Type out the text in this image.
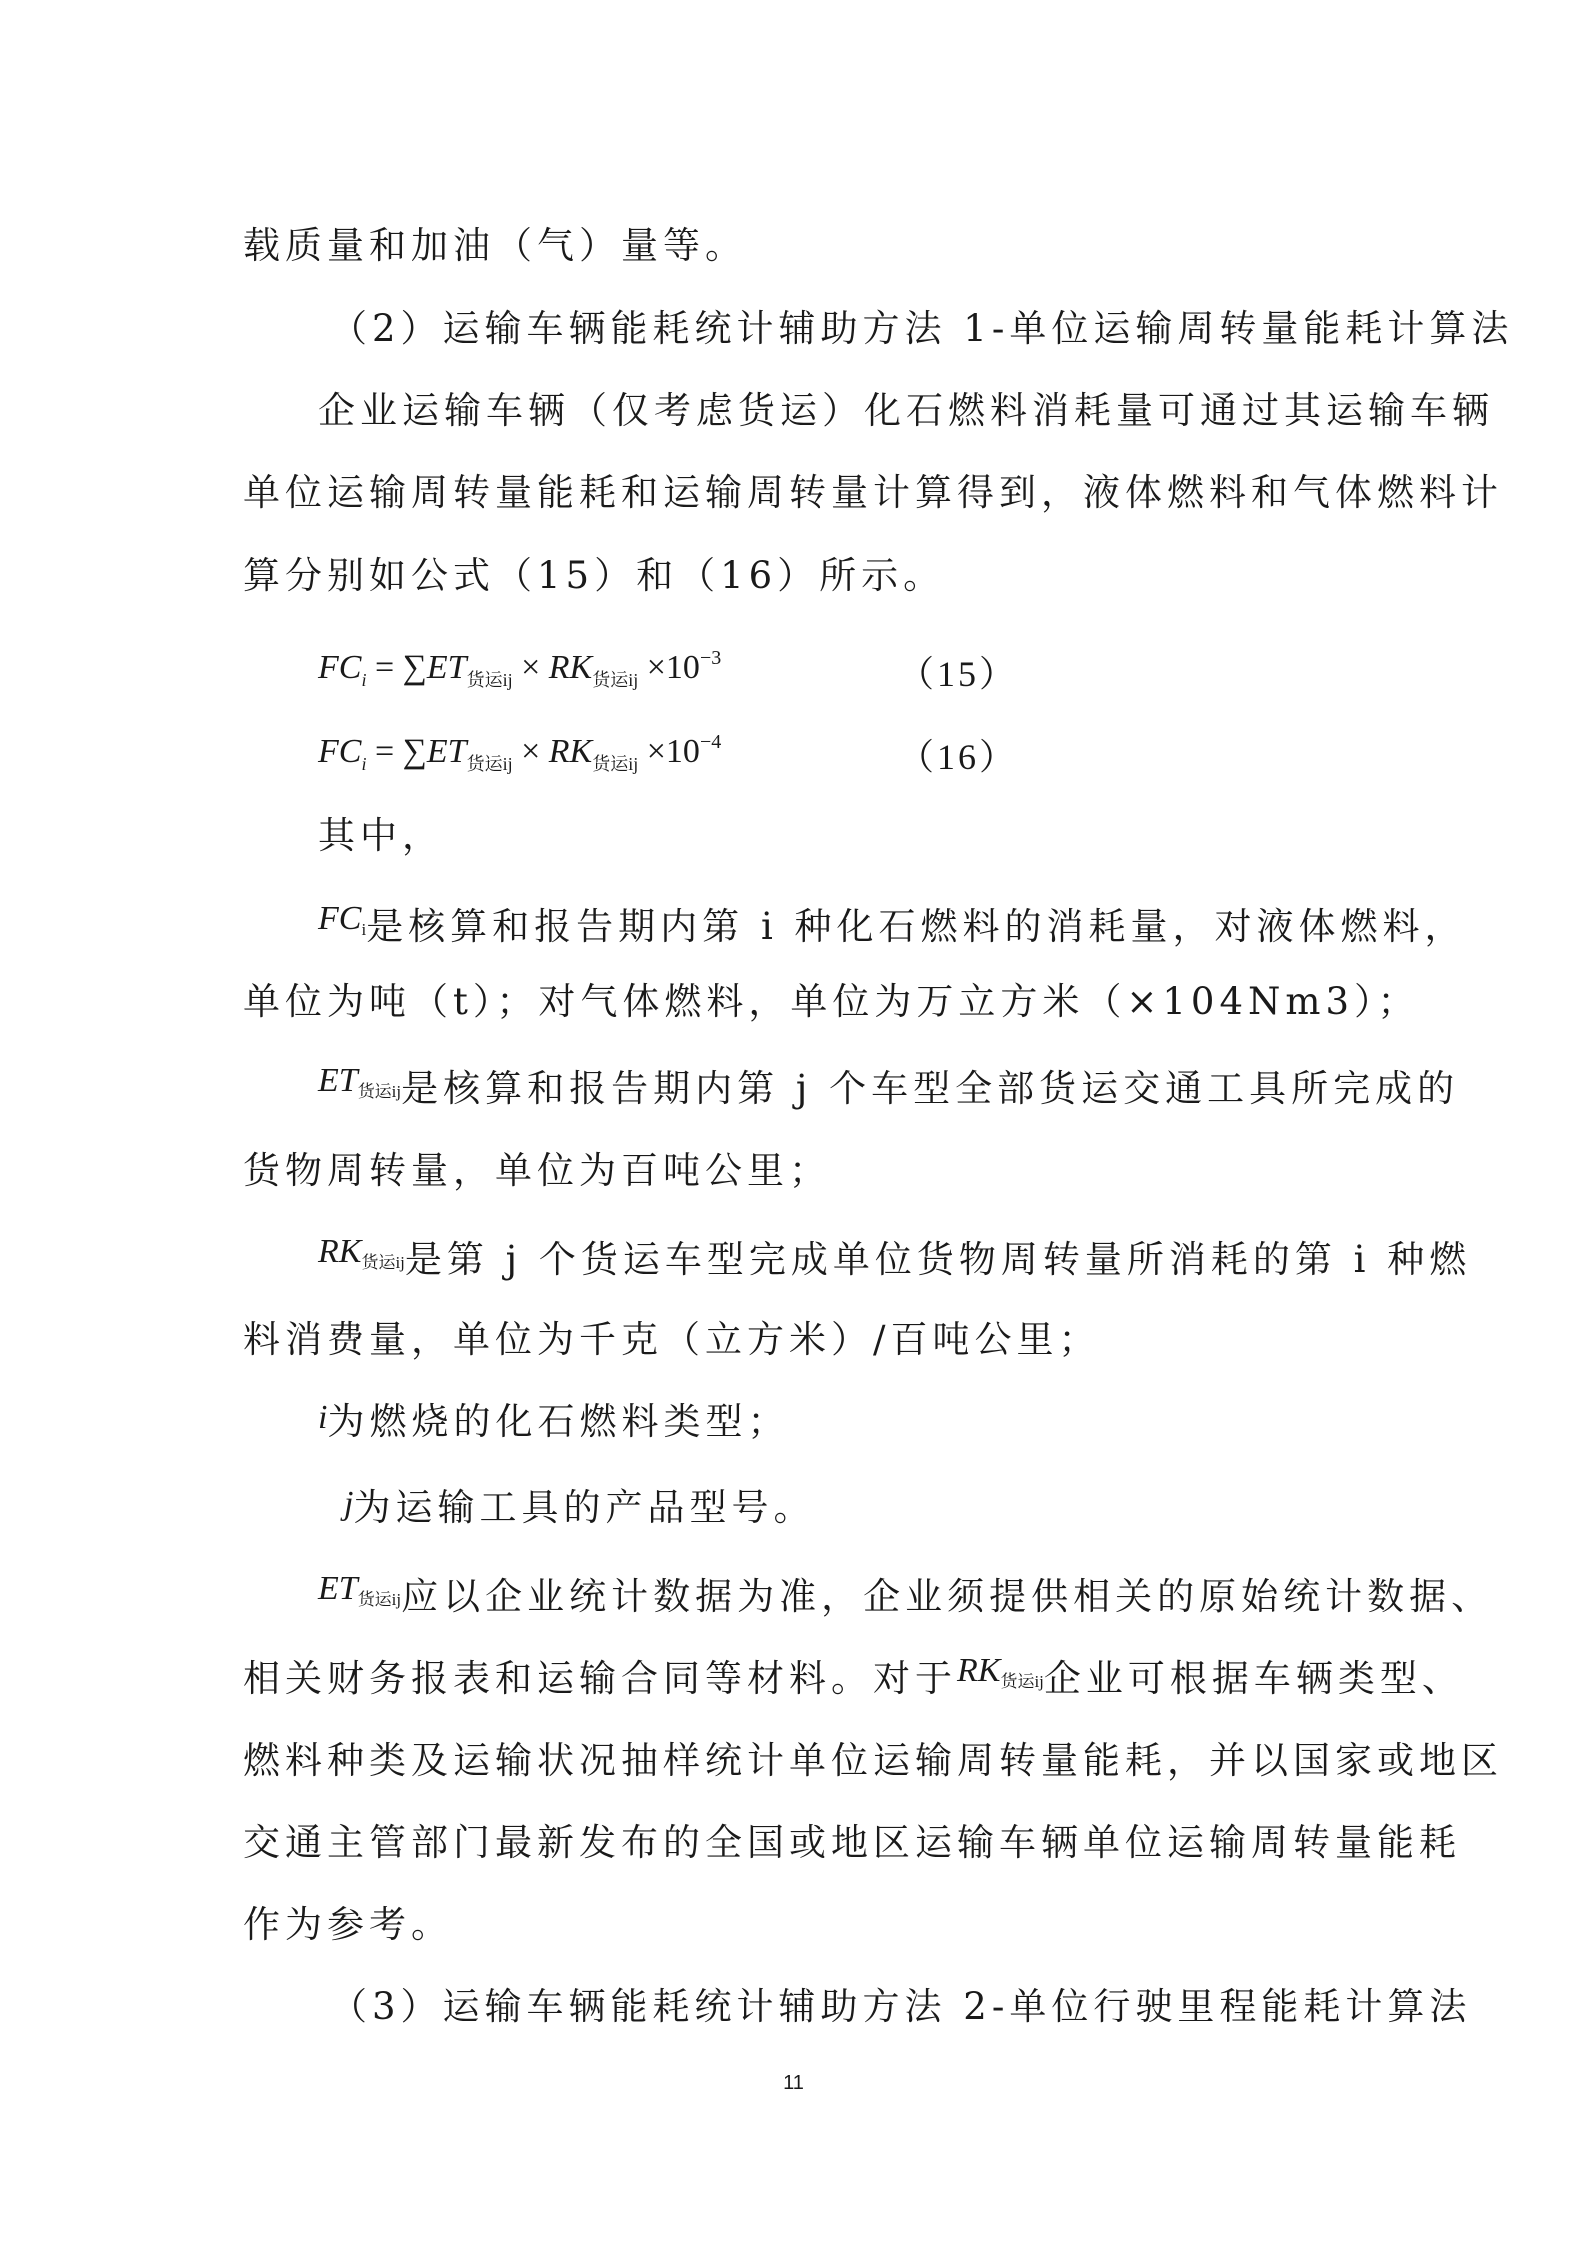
载质量和加油（气）量等。
（2）运输车辆能耗统计辅助方法 1-单位运输周转量能耗计算法
企业运输车辆（仅考虑货运）化石燃料消耗量可通过其运输车辆
单位运输周转量能耗和运输周转量计算得到，液体燃料和气体燃料计
算分别如公式（15）和（16）所示。
$FC_i = \sum ET_{货运ij} \times RK_{货运ij} \times 10^{-3}$	（15）
$FC_i = \sum ET_{货运ij} \times RK_{货运ij} \times 10^{-4}$	（16）
其中，
$FC_i$是核算和报告期内第 i 种化石燃料的消耗量，对液体燃料，
单位为吨（t）；对气体燃料，单位为万立方米（×104Nm3）；
$ET_{货运ij}$是核算和报告期内第 j 个车型全部货运交通工具所完成的
货物周转量，单位为百吨公里；
$RK_{货运ij}$是第 j 个货运车型完成单位货物周转量所消耗的第 i 种燃
料消费量，单位为千克（立方米）/百吨公里；
i为燃烧的化石燃料类型；
j为运输工具的产品型号。
$ET_{货运ij}$应以企业统计数据为准，企业须提供相关的原始统计数据、
相关财务报表和运输合同等材料。对于$RK_{货运ij}$企业可根据车辆类型、
燃料种类及运输状况抽样统计单位运输周转量能耗，并以国家或地区
交通主管部门最新发布的全国或地区运输车辆单位运输周转量能耗
作为参考。
（3）运输车辆能耗统计辅助方法 2-单位行驶里程能耗计算法
11
